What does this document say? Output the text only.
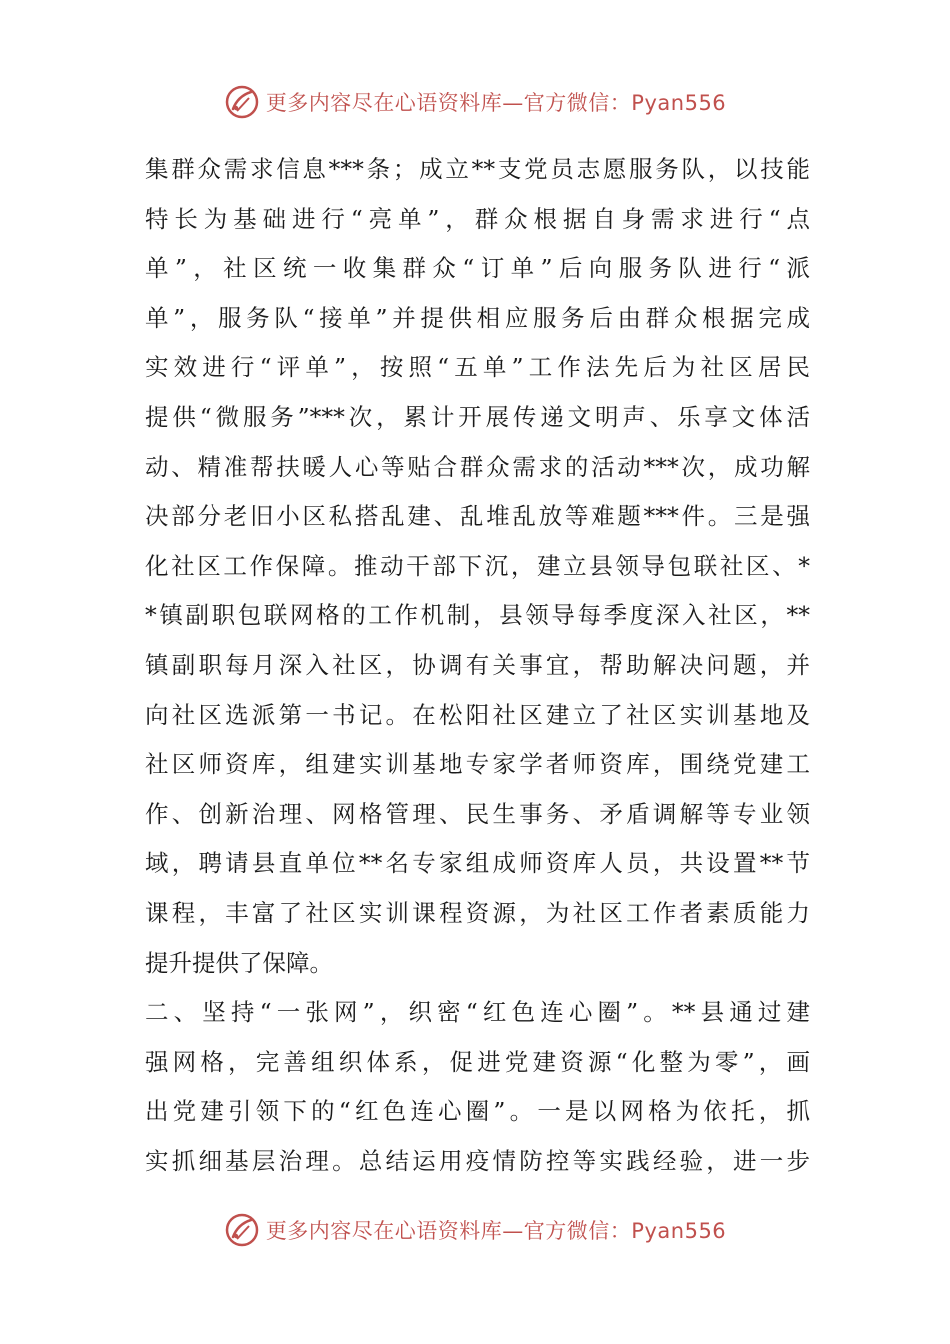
更多内容尽在心语资料库—官方微信：Pyan556
集群众需求信息***条；成立**支党员志愿服务队，以技能
特长为基础进行“亮单”，群众根据自身需求进行“点
单”，社区统一收集群众“订单”后向服务队进行“派
单”，服务队“接单”并提供相应服务后由群众根据完成
实效进行“评单”，按照“五单”工作法先后为社区居民
提供“微服务”***次，累计开展传递文明声、乐享文体活
动、精准帮扶暖人心等贴合群众需求的活动***次，成功解
决部分老旧小区私搭乱建、乱堆乱放等难题***件。三是强
化社区工作保障。推动干部下沉，建立县领导包联社区、*
*镇副职包联网格的工作机制，县领导每季度深入社区，**
镇副职每月深入社区，协调有关事宜，帮助解决问题，并
向社区选派第一书记。在松阳社区建立了社区实训基地及
社区师资库，组建实训基地专家学者师资库，围绕党建工
作、创新治理、网格管理、民生事务、矛盾调解等专业领
域，聘请县直单位**名专家组成师资库人员，共设置**节
课程，丰富了社区实训课程资源，为社区工作者素质能力
提升提供了保障。
二、坚持“一张网”，织密“红色连心圈”。**县通过建
强网格，完善组织体系，促进党建资源“化整为零”，画
出党建引领下的“红色连心圈”。一是以网格为依托，抓
实抓细基层治理。总结运用疫情防控等实践经验，进一步
更多内容尽在心语资料库—官方微信：Pyan556
